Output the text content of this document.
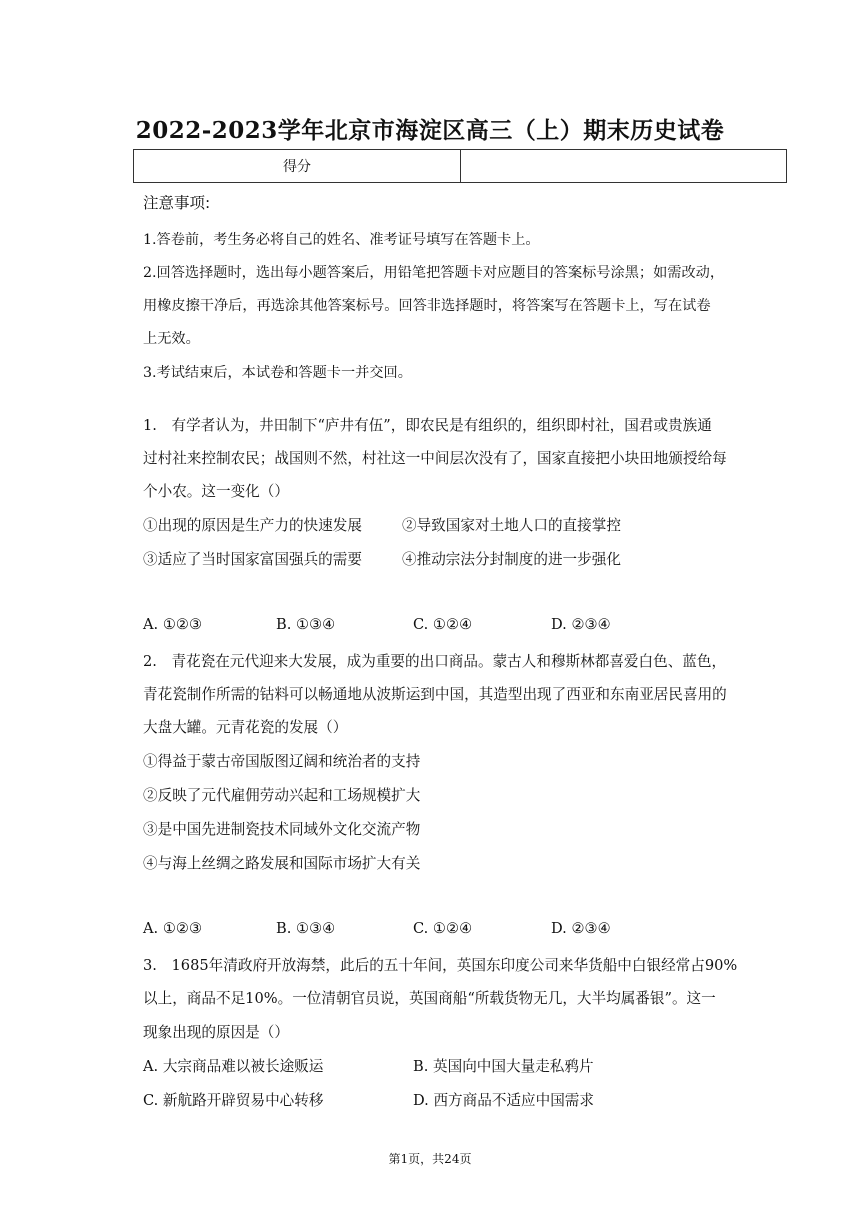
2022-2023学年北京市海淀区高三（上）期末历史试卷
得分
注意事项:
1.答卷前，考生务必将自己的姓名、准考证号填写在答题卡上。
2.回答选择题时，选出每小题答案后，用铅笔把答题卡对应题目的答案标号涂黑；如需改动，
用橡皮擦干净后，再选涂其他答案标号。回答非选择题时，将答案写在答题卡上，写在试卷
上无效。
3.考试结束后，本试卷和答题卡一并交回。
1.　有学者认为，井田制下“庐井有伍”，即农民是有组织的，组织即村社，国君或贵族通
过村社来控制农民；战国则不然，村社这一中间层次没有了，国家直接把小块田地颁授给每
个小农。这一变化（）
①出现的原因是生产力的快速发展	②导致国家对土地人口的直接掌控
③适应了当时国家富国强兵的需要	④推动宗法分封制度的进一步强化
A. ①②③	B. ①③④	C. ①②④	D. ②③④
2.　青花瓷在元代迎来大发展，成为重要的出口商品。蒙古人和穆斯林都喜爱白色、蓝色，
青花瓷制作所需的钴料可以畅通地从波斯运到中国，其造型出现了西亚和东南亚居民喜用的
大盘大罐。元青花瓷的发展（）
①得益于蒙古帝国版图辽阔和统治者的支持
②反映了元代雇佣劳动兴起和工场规模扩大
③是中国先进制瓷技术同域外文化交流产物
④与海上丝绸之路发展和国际市场扩大有关
A. ①②③	B. ①③④	C. ①②④	D. ②③④
3.　1685年清政府开放海禁，此后的五十年间，英国东印度公司来华货船中白银经常占90%
以上，商品不足10%。一位清朝官员说，英国商船“所载货物无几，大半均属番银”。这一
现象出现的原因是（）
A. 大宗商品难以被长途贩运	B. 英国向中国大量走私鸦片
C. 新航路开辟贸易中心转移	D. 西方商品不适应中国需求
第1页，共24页
